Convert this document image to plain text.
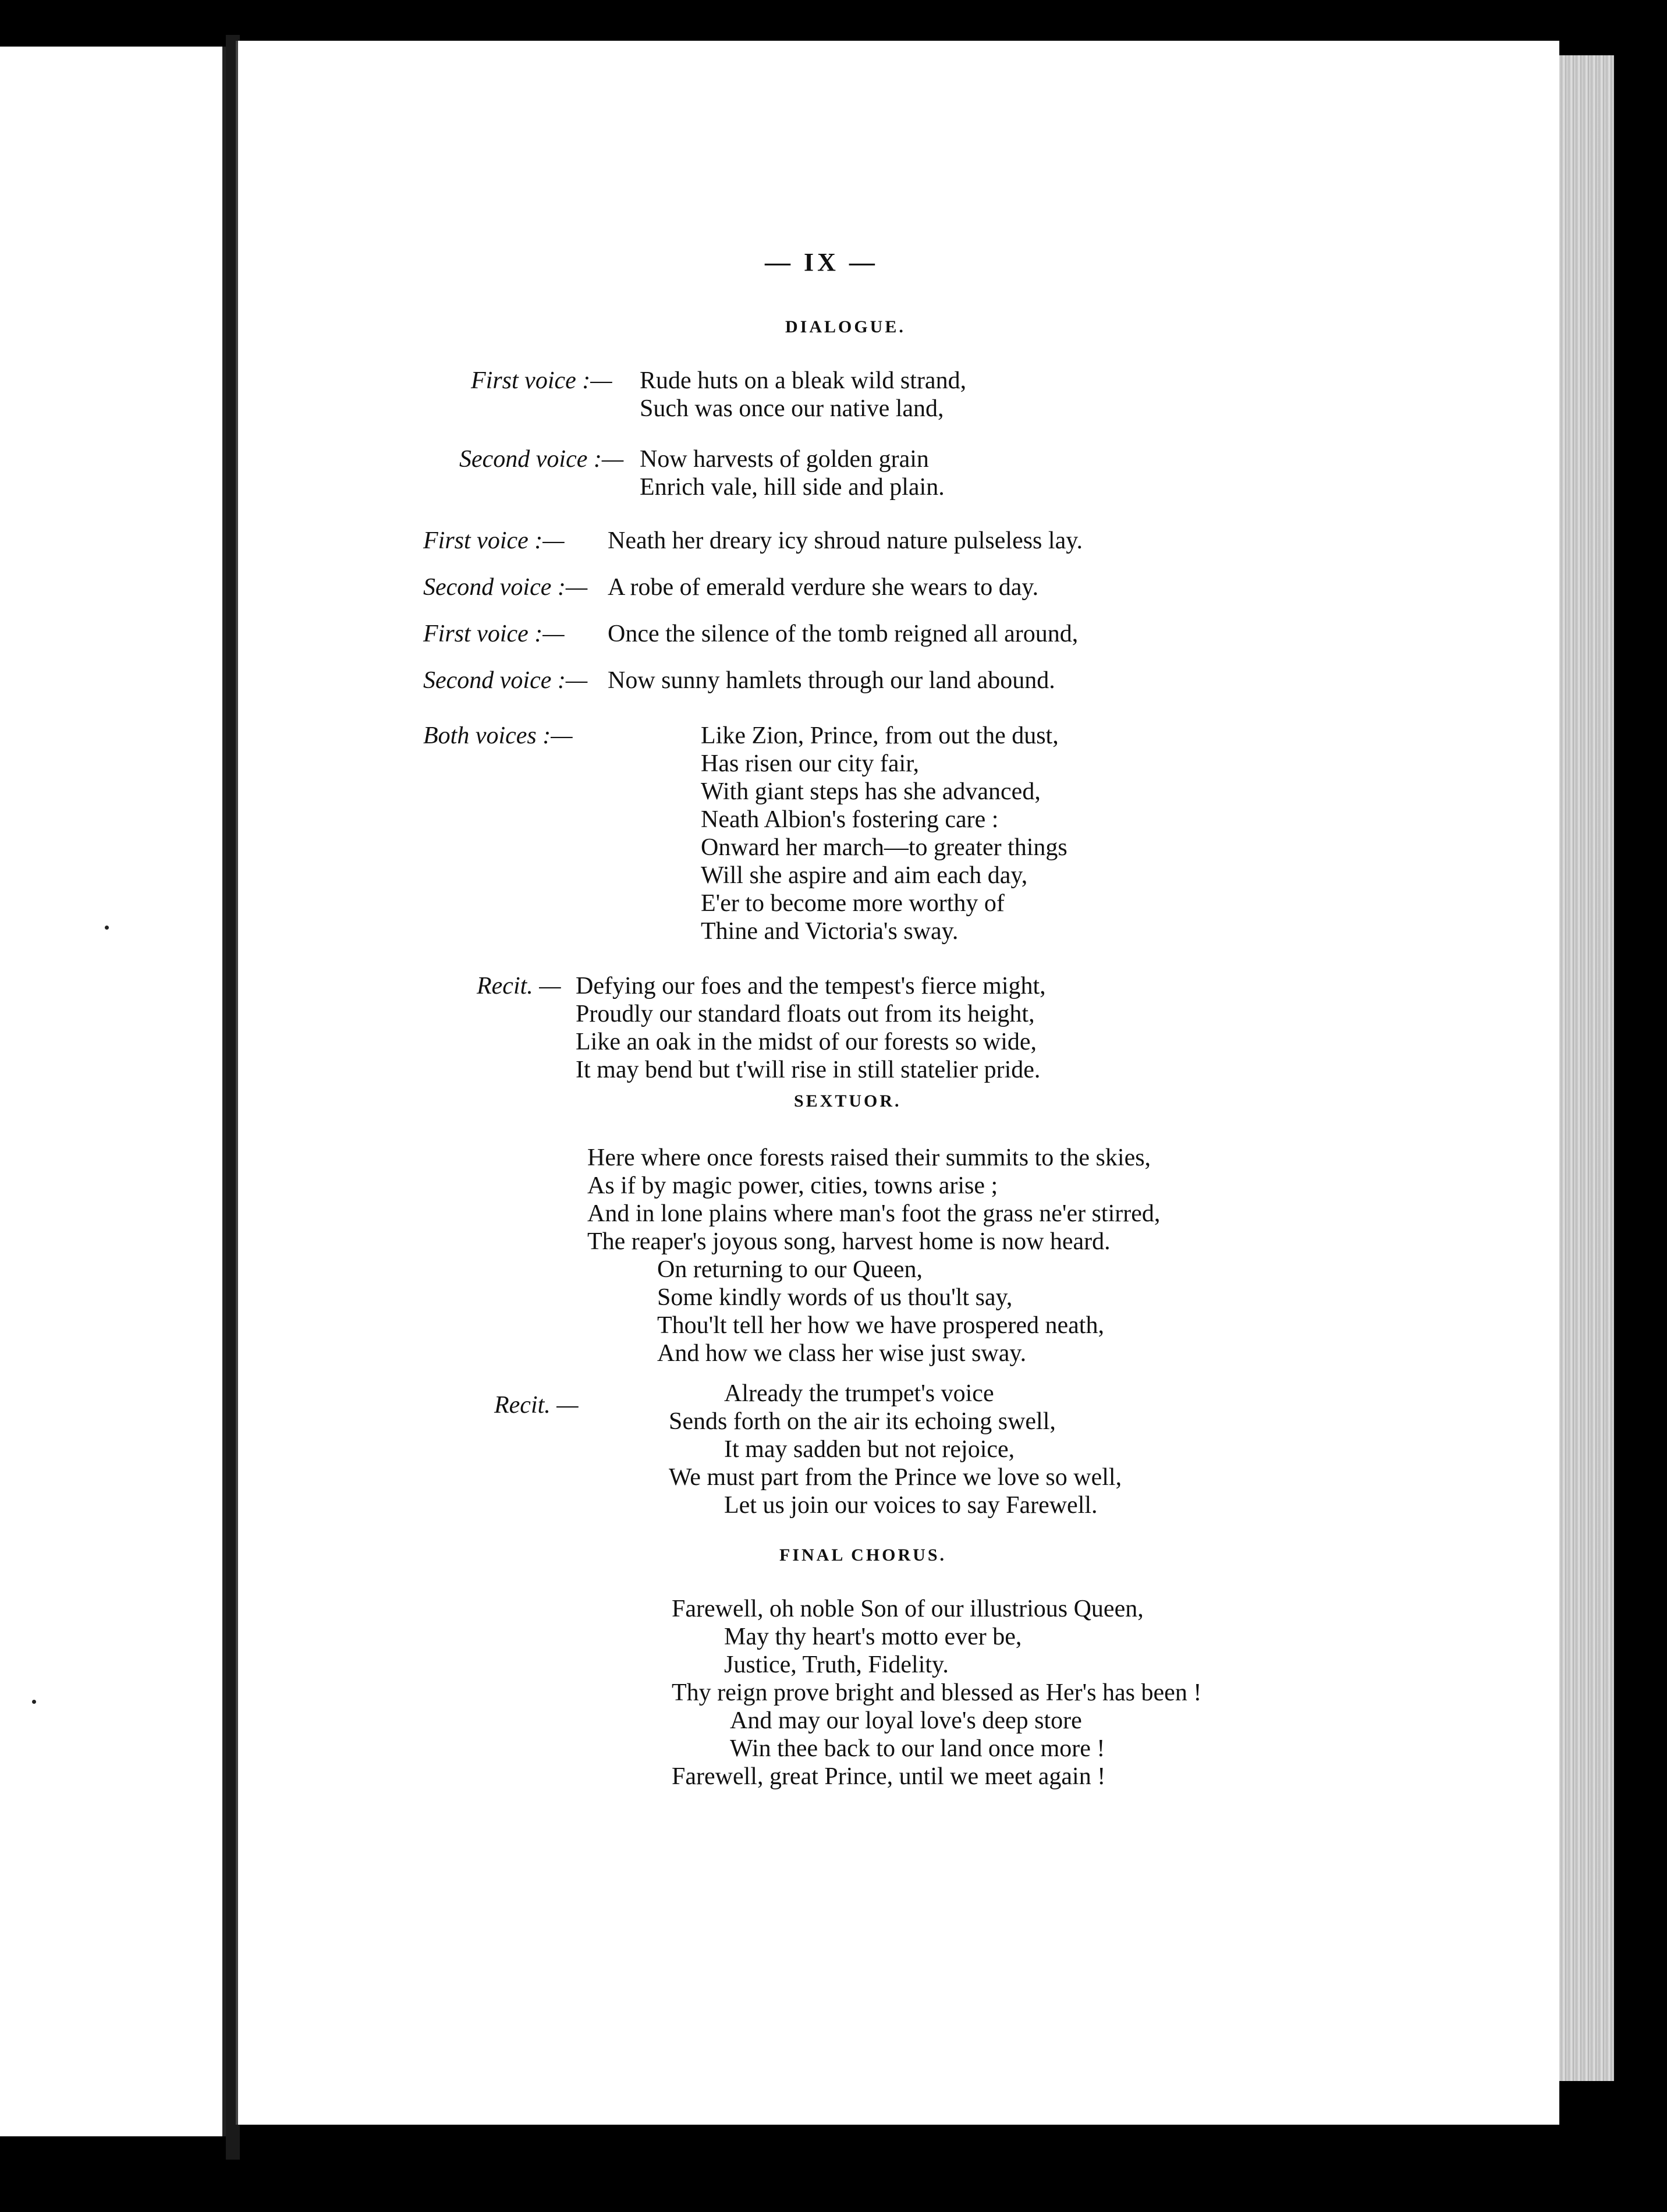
— IX —
DIALOGUE.
First voice :— Rude huts on a bleak wild strand,
Such was once our native land,
Second voice :— Now harvests of golden grain
Enrich vale, hill side and plain.
First voice :— Neath her dreary icy shroud nature pulseless lay.
Second voice :— A robe of emerald verdure she wears to day.
First voice :— Once the silence of the tomb reigned all around,
Second voice :— Now sunny hamlets through our land abound.
Both voices :—	Like Zion, Prince, from out the dust,
Has risen our city fair,
With giant steps has she advanced,
Neath Albion's fostering care :
Onward her march—to greater things
Will she aspire and aim each day,
E'er to become more worthy of
Thine and Victoria's sway.
Recit. — Defying our foes and the tempest's fierce might,
Proudly our standard floats out from its height,
Like an oak in the midst of our forests so wide,
It may bend but t'will rise in still statelier pride.
SEXTUOR.
Here where once forests raised their summits to the skies,
As if by magic power, cities, towns arise ;
And in lone plains where man's foot the grass ne'er stirred,
The reaper's joyous song, harvest home is now heard.
On returning to our Queen,
Some kindly words of us thou'lt say,
Thou'lt tell her how we have prospered neath,
And how we class her wise just sway.
Recit. —	Already the trumpet's voice
Sends forth on the air its echoing swell,
It may sadden but not rejoice,
We must part from the Prince we love so well,
Let us join our voices to say Farewell.
FINAL CHORUS.
Farewell, oh noble Son of our illustrious Queen,
May thy heart's motto ever be,
Justice, Truth, Fidelity.
Thy reign prove bright and blessed as Her's has been !
And may our loyal love's deep store
Win thee back to our land once more !
Farewell, great Prince, until we meet again !
